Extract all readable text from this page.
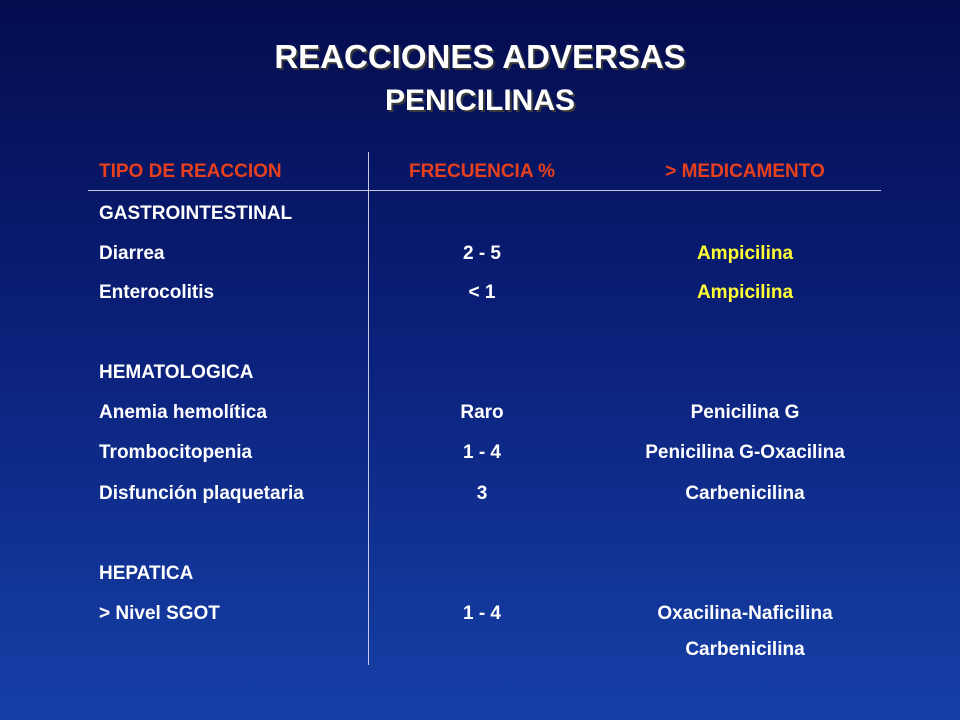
REACCIONES ADVERSAS
PENICILINAS
TIPO DE REACCION	FRECUENCIA %	> MEDICAMENTO
GASTROINTESTINAL
Diarrea	2 - 5	Ampicilina
Enterocolitis	< 1	Ampicilina
HEMATOLOGICA
Anemia hemolítica	Raro	Penicilina G
Trombocitopenia	1 - 4	Penicilina G-Oxacilina
Disfunción plaquetaria	3	Carbenicilina
HEPATICA
> Nivel SGOT	1 - 4	Oxacilina-Naficilina
Carbenicilina
